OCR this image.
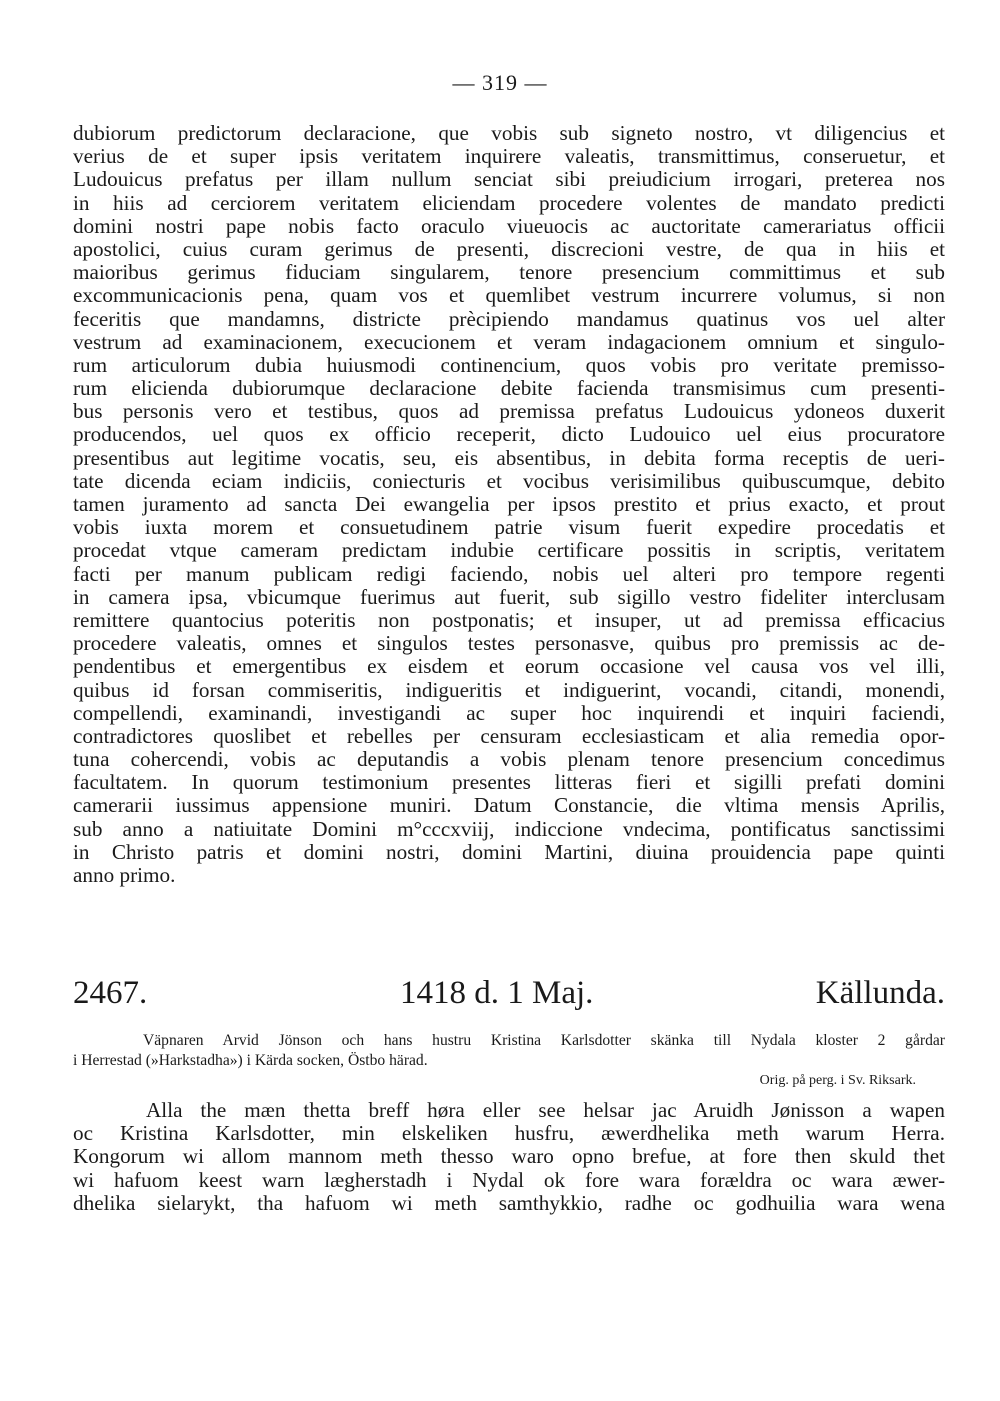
— 319 —
dubiorum predictorum declaracione, que vobis sub signeto nostro, vt diligencius et
verius de et super ipsis veritatem inquirere valeatis, transmittimus, conseruetur, et
Ludouicus prefatus per illam nullum senciat sibi preiudicium irrogari, preterea nos
in hiis ad cerciorem veritatem eliciendam procedere volentes de mandato predicti
domini nostri pape nobis facto oraculo viueuocis ac auctoritate camerariatus officii
apostolici, cuius curam gerimus de presenti, discrecioni vestre, de qua in hiis et
maioribus gerimus fiduciam singularem, tenore presencium committimus et sub
excommunicacionis pena, quam vos et quemlibet vestrum incurrere volumus, si non
feceritis que mandamns, districte prècipiendo mandamus quatinus vos uel alter
vestrum ad examinacionem, execucionem et veram indagacionem omnium et singulo-
rum articulorum dubia huiusmodi continencium, quos vobis pro veritate premisso-
rum elicienda dubiorumque declaracione debite facienda transmisimus cum presenti-
bus personis vero et testibus, quos ad premissa prefatus Ludouicus ydoneos duxerit
producendos, uel quos ex officio receperit, dicto Ludouico uel eius procuratore
presentibus aut legitime vocatis, seu, eis absentibus, in debita forma receptis de ueri-
tate dicenda eciam indiciis, coniecturis et vocibus verisimilibus quibuscumque, debito
tamen juramento ad sancta Dei ewangelia per ipsos prestito et prius exacto, et prout
vobis iuxta morem et consuetudinem patrie visum fuerit expedire procedatis et
procedat vtque cameram predictam indubie certificare possitis in scriptis, veritatem
facti per manum publicam redigi faciendo, nobis uel alteri pro tempore regenti
in camera ipsa, vbicumque fuerimus aut fuerit, sub sigillo vestro fideliter interclusam
remittere quantocius poteritis non postponatis; et insuper, ut ad premissa efficacius
procedere valeatis, omnes et singulos testes personasve, quibus pro premissis ac de-
pendentibus et emergentibus ex eisdem et eorum occasione vel causa vos vel illi,
quibus id forsan commiseritis, indigueritis et indiguerint, vocandi, citandi, monendi,
compellendi, examinandi, investigandi ac super hoc inquirendi et inquiri faciendi,
contradictores quoslibet et rebelles per censuram ecclesiasticam et alia remedia opor-
tuna cohercendi, vobis ac deputandis a vobis plenam tenore presencium concedimus
facultatem. In quorum testimonium presentes litteras fieri et sigilli prefati domini
camerarii iussimus appensione muniri. Datum Constancie, die vltima mensis Aprilis,
sub anno a natiuitate Domini m°cccxviij, indiccione vndecima, pontificatus sanctissimi
in Christo patris et domini nostri, domini Martini, diuina prouidencia pape quinti
anno primo.
2467.	1418 d. 1 Maj.	Källunda.
Väpnaren Arvid Jönson och hans hustru Kristina Karlsdotter skänka till Nydala kloster 2 gårdar
i Herrestad (»Harkstadha») i Kärda socken, Östbo härad.
Orig. på perg. i Sv. Riksark.
Alla the mæn thetta breff høra eller see helsar jac Aruidh Jønisson a wapen
oc Kristina Karlsdotter, min elskeliken husfru, æwerdhelika meth warum Herra.
Kongorum wi allom mannom meth thesso waro opno brefue, at fore then skuld thet
wi hafuom keest warn lægherstadh i Nydal ok fore wara forældra oc wara æwer-
dhelika sielarykt, tha hafuom wi meth samthykkio, radhe oc godhuilia wara wena
